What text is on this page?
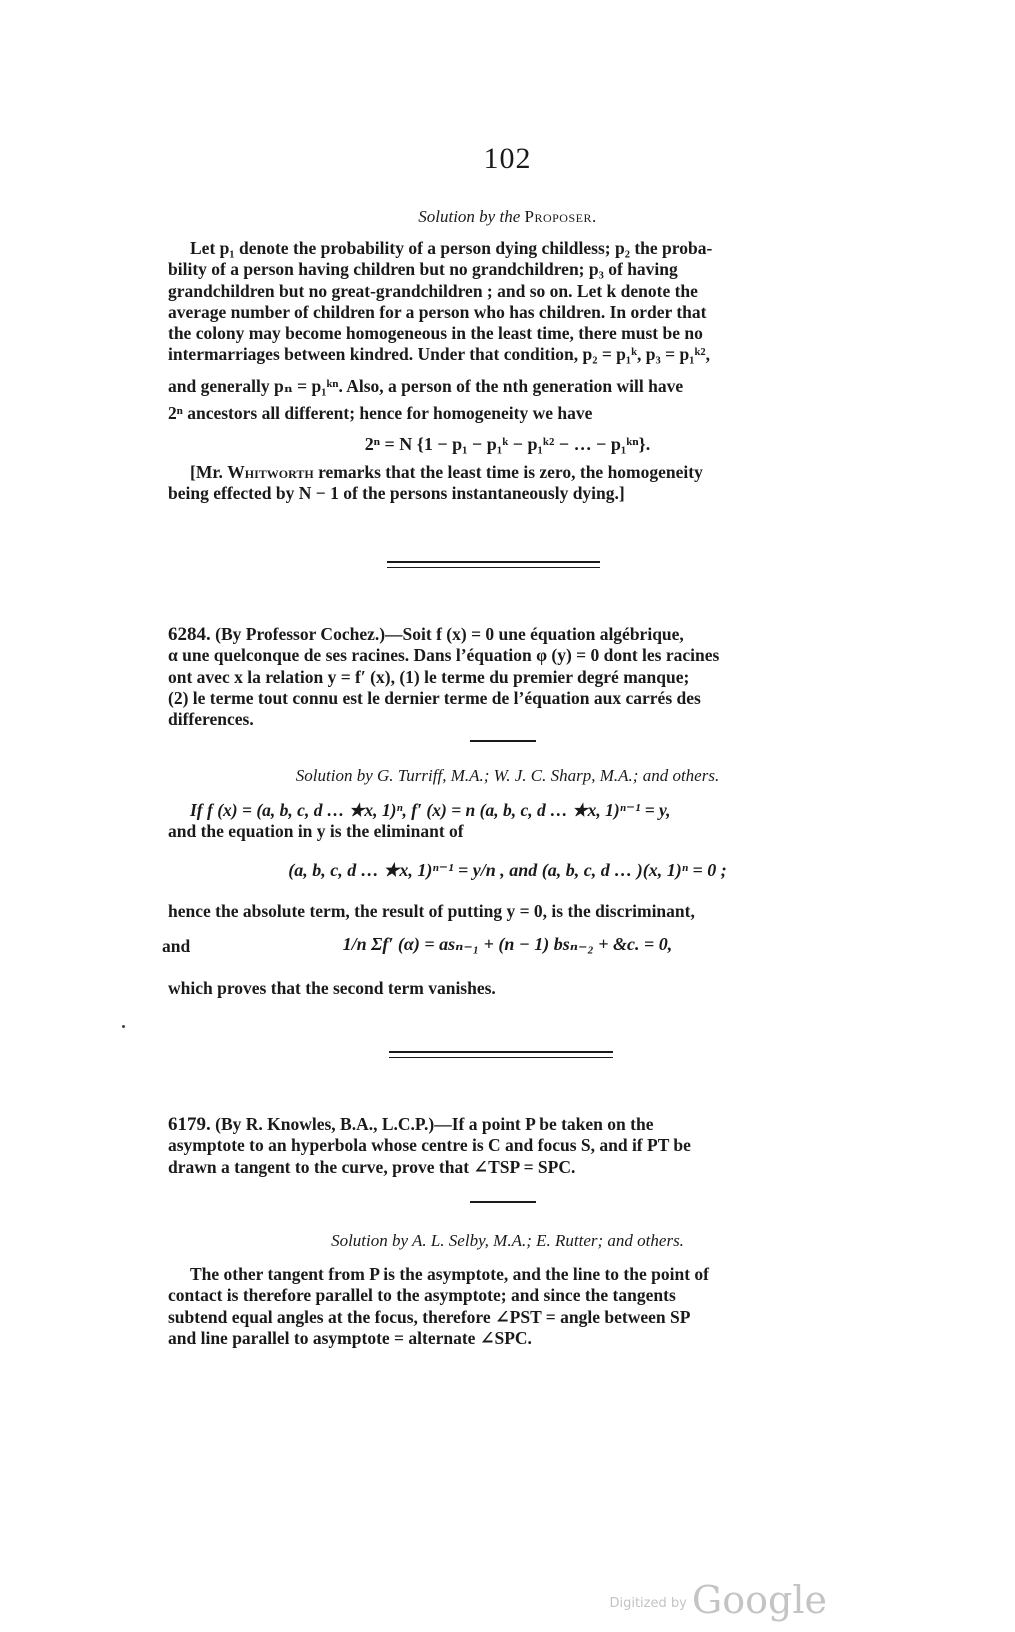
102
Solution by the Proposer.
Let p₁ denote the probability of a person dying childless; p₂ the proba-
bility of a person having children but no grandchildren; p₃ of having
grandchildren but no great-grandchildren ; and so on. Let k denote the
average number of children for a person who has children. In order that
the colony may become homogeneous in the least time, there must be no
intermarriages between kindred. Under that condition, p₂ = p₁ᵏ, p₃ = p₁ᵏ²,
and generally pₙ = p₁ᵏⁿ. Also, a person of the nth generation will have
2ⁿ ancestors all different; hence for homogeneity we have
2ⁿ = N {1 − p₁ − p₁ᵏ − p₁ᵏ² − … − p₁ᵏⁿ}.
[Mr. Whitworth remarks that the least time is zero, the homogeneity
being effected by N − 1 of the persons instantaneously dying.]
6284. (By Professor Cochez.)—Soit f (x) = 0 une équation algébrique,
α une quelconque de ses racines. Dans l’équation φ (y) = 0 dont les racines
ont avec x la relation y = f′ (x), (1) le terme du premier degré manque;
(2) le terme tout connu est le dernier terme de l’équation aux carrés des
differences.
Solution by G. Turriff, M.A.; W. J. C. Sharp, M.A.; and others.
If f (x) = (a, b, c, d … ★x, 1)ⁿ, f′ (x) = n (a, b, c, d … ★x, 1)ⁿ⁻¹ = y,
and the equation in y is the eliminant of
(a, b, c, d … ★x, 1)ⁿ⁻¹ = y/n , and (a, b, c, d … )(x, 1)ⁿ = 0 ;
hence the absolute term, the result of putting y = 0, is the discriminant,
and	1/n Σf′ (α) = asₙ₋₁ + (n − 1) bsₙ₋₂ + &c. = 0,
which proves that the second term vanishes.
6179. (By R. Knowles, B.A., L.C.P.)—If a point P be taken on the
asymptote to an hyperbola whose centre is C and focus S, and if PT be
drawn a tangent to the curve, prove that ∠TSP = SPC.
Solution by A. L. Selby, M.A.; E. Rutter; and others.
The other tangent from P is the asymptote, and the line to the point of
contact is therefore parallel to the asymptote; and since the tangents
subtend equal angles at the focus, therefore ∠PST = angle between SP
and line parallel to asymptote = alternate ∠SPC.
$^{Digitized by}$ Google
